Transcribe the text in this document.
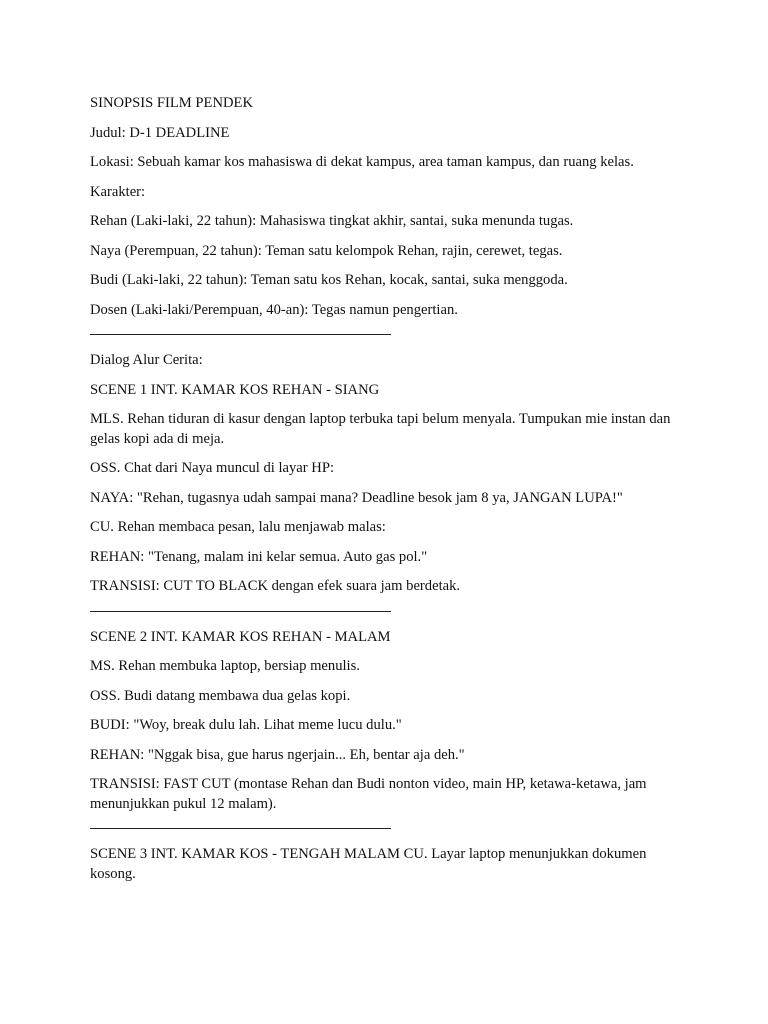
SINOPSIS FILM PENDEK

Judul: D-1 DEADLINE

Lokasi: Sebuah kamar kos mahasiswa di dekat kampus, area taman kampus, dan ruang kelas.

Karakter:

Rehan (Laki-laki, 22 tahun): Mahasiswa tingkat akhir, santai, suka menunda tugas.

Naya (Perempuan, 22 tahun): Teman satu kelompok Rehan, rajin, cerewet, tegas.

Budi (Laki-laki, 22 tahun): Teman satu kos Rehan, kocak, santai, suka menggoda.

Dosen (Laki-laki/Perempuan, 40-an): Tegas namun pengertian.

Dialog Alur Cerita:

SCENE 1 INT. KAMAR KOS REHAN - SIANG

MLS. Rehan tiduran di kasur dengan laptop terbuka tapi belum menyala. Tumpukan mie instan dan gelas kopi ada di meja.

OSS. Chat dari Naya muncul di layar HP:

NAYA: "Rehan, tugasnya udah sampai mana? Deadline besok jam 8 ya, JANGAN LUPA!"

CU. Rehan membaca pesan, lalu menjawab malas:

REHAN: "Tenang, malam ini kelar semua. Auto gas pol."

TRANSISI: CUT TO BLACK dengan efek suara jam berdetak.

SCENE 2 INT. KAMAR KOS REHAN - MALAM

MS. Rehan membuka laptop, bersiap menulis.

OSS. Budi datang membawa dua gelas kopi.

BUDI: "Woy, break dulu lah. Lihat meme lucu dulu."

REHAN: "Nggak bisa, gue harus ngerjain... Eh, bentar aja deh."

TRANSISI: FAST CUT (montase Rehan dan Budi nonton video, main HP, ketawa-ketawa, jam menunjukkan pukul 12 malam).

SCENE 3 INT. KAMAR KOS - TENGAH MALAM CU. Layar laptop menunjukkan dokumen kosong.
